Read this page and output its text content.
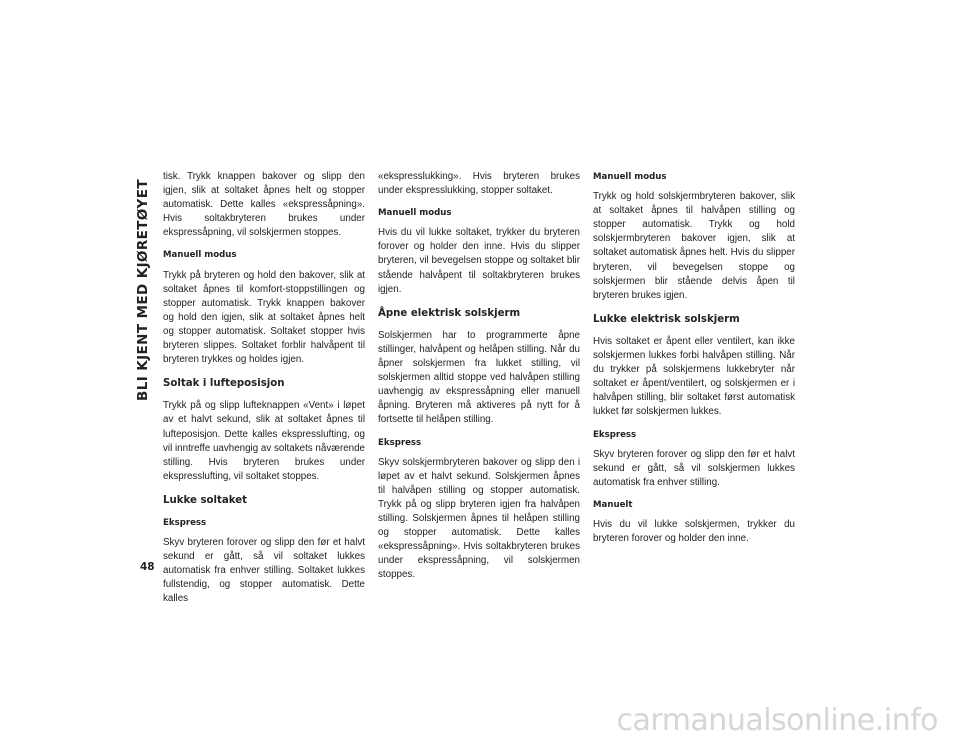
BLI KJENT MED KJØRETØYET
48

tisk. Trykk knappen bakover og slipp den igjen, slik at soltaket åpnes helt og stopper automatisk. Dette kalles «ekspressåpning». Hvis soltakbryteren brukes under ekspressåpning, vil solskjermen stoppes.

Manuell modus

Trykk på bryteren og hold den bakover, slik at soltaket åpnes til komfort-stoppstillingen og stopper automatisk. Trykk knappen bakover og hold den igjen, slik at soltaket åpnes helt og stopper automatisk. Soltaket stopper hvis bryteren slippes. Soltaket forblir halvåpent til bryteren trykkes og holdes igjen.

Soltak i lufteposisjon

Trykk på og slipp lufteknappen «Vent» i løpet av et halvt sekund, slik at soltaket åpnes til lufteposisjon. Dette kalles ekspresslufting, og vil inntreffe uavhengig av soltakets nåværende stilling. Hvis bryteren brukes under ekspresslufting, vil soltaket stoppes.

Lukke soltaket
Ekspress

Skyv bryteren forover og slipp den før et halvt sekund er gått, så vil soltaket lukkes automatisk fra enhver stilling. Soltaket lukkes fullstendig, og stopper automatisk. Dette kalles

«ekspresslukking». Hvis bryteren brukes under ekspresslukking, stopper soltaket.

Manuell modus

Hvis du vil lukke soltaket, trykker du bryteren forover og holder den inne. Hvis du slipper bryteren, vil bevegelsen stoppe og soltaket blir stående halvåpent til soltakbryteren brukes igjen.

Åpne elektrisk solskjerm

Solskjermen har to programmerte åpne stillinger, halvåpent og helåpen stilling. Når du åpner solskjermen fra lukket stilling, vil solskjermen alltid stoppe ved halvåpen stilling uavhengig av ekspressåpning eller manuell åpning. Bryteren må aktiveres på nytt for å fortsette til helåpen stilling.

Ekspress

Skyv solskjermbryteren bakover og slipp den i løpet av et halvt sekund. Solskjermen åpnes til halvåpen stilling og stopper automatisk. Trykk på og slipp bryteren igjen fra halvåpen stilling. Solskjermen åpnes til helåpen stilling og stopper automatisk. Dette kalles «ekspressåpning». Hvis soltakbryteren brukes under ekspressåpning, vil solskjermen stoppes.

Manuell modus

Trykk og hold solskjermbryteren bakover, slik at soltaket åpnes til halvåpen stilling og stopper automatisk. Trykk og hold solskjermbryteren bakover igjen, slik at soltaket automatisk åpnes helt. Hvis du slipper bryteren, vil bevegelsen stoppe og solskjermen blir stående delvis åpen til bryteren brukes igjen.

Lukke elektrisk solskjerm

Hvis soltaket er åpent eller ventilert, kan ikke solskjermen lukkes forbi halvåpen stilling. Når du trykker på solskjermens lukkebryter når soltaket er åpent/ventilert, og solskjermen er i halvåpen stilling, blir soltaket først automatisk lukket før solskjermen lukkes.

Ekspress

Skyv bryteren forover og slipp den før et halvt sekund er gått, så vil solskjermen lukkes automatisk fra enhver stilling.

Manuelt

Hvis du vil lukke solskjermen, trykker du bryteren forover og holder den inne.

carmanualsonline.info
